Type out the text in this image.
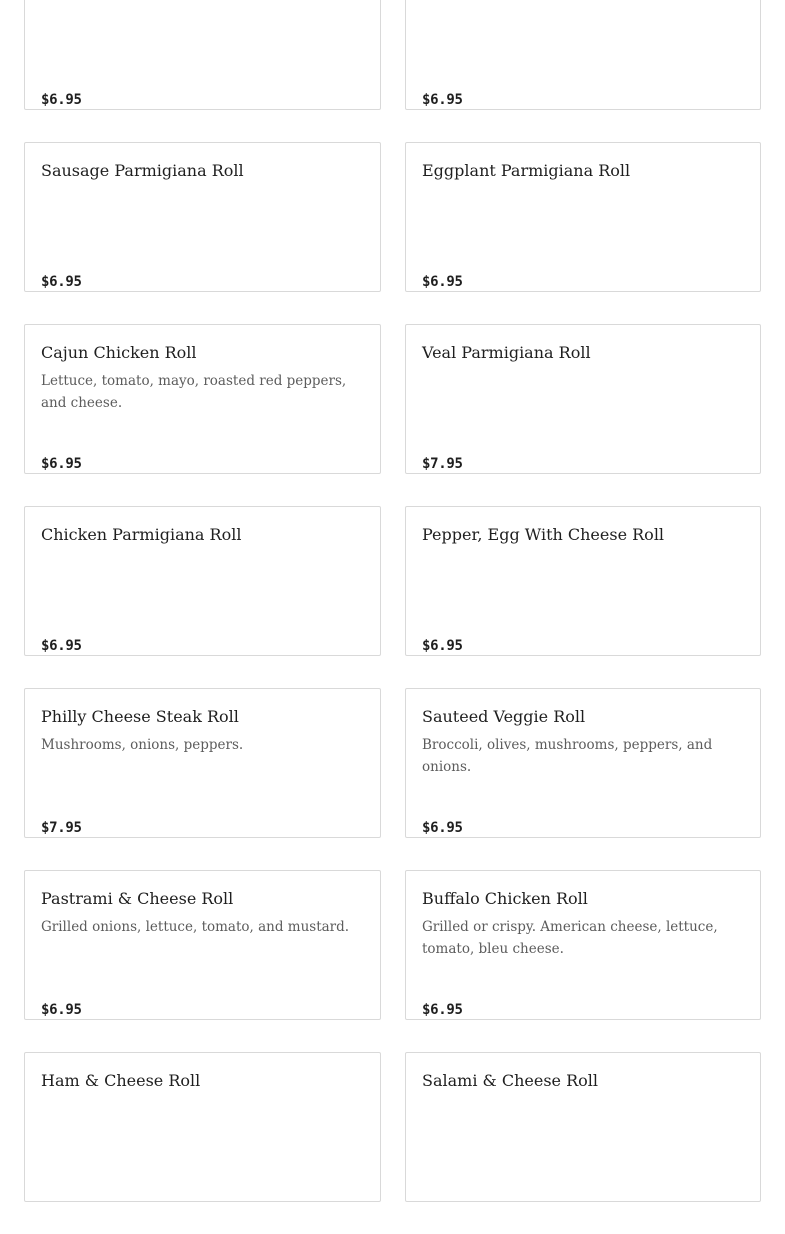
$6.95	$6.95
Sausage Parmigiana Roll
$6.95
Eggplant Parmigiana Roll
$6.95
Cajun Chicken Roll
Lettuce, tomato, mayo, roasted red peppers, and cheese.
$6.95
Veal Parmigiana Roll
$7.95
Chicken Parmigiana Roll
$6.95
Pepper, Egg With Cheese Roll
$6.95
Philly Cheese Steak Roll
Mushrooms, onions, peppers.
$7.95
Sauteed Veggie Roll
Broccoli, olives, mushrooms, peppers, and onions.
$6.95
Pastrami & Cheese Roll
Grilled onions, lettuce, tomato, and mustard.
$6.95
Buffalo Chicken Roll
Grilled or crispy. American cheese, lettuce, tomato, bleu cheese.
$6.95
Ham & Cheese Roll	Salami & Cheese Roll
